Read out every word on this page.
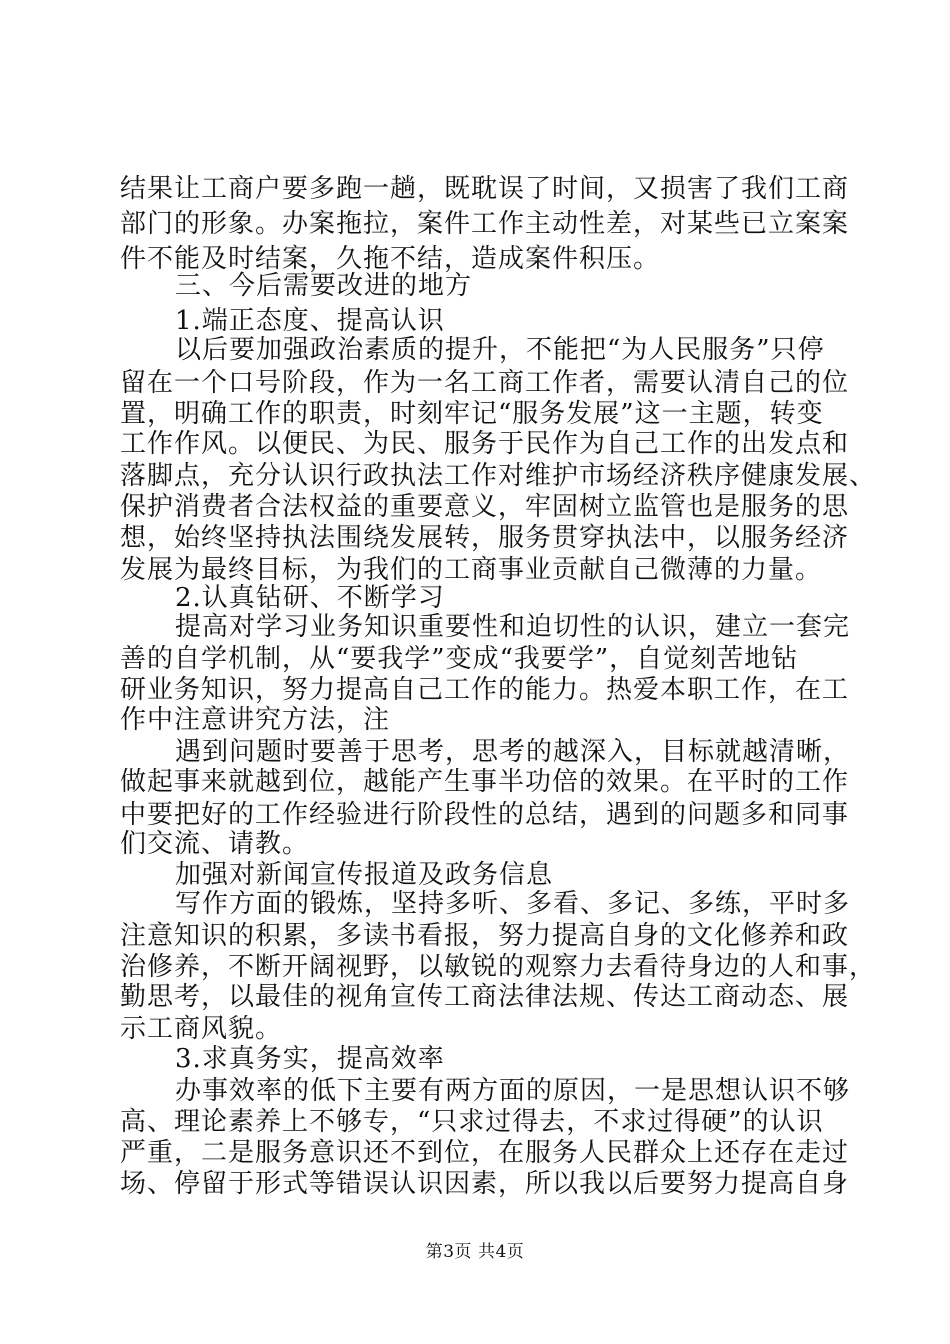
结果让工商户要多跑一趟，既耽误了时间，又损害了我们工商
部门的形象。办案拖拉，案件工作主动性差，对某些已立案案
件不能及时结案，久拖不结，造成案件积压。
三、今后需要改进的地方
1.端正态度、提高认识
以后要加强政治素质的提升，不能把“为人民服务”只停
留在一个口号阶段，作为一名工商工作者，需要认清自己的位
置，明确工作的职责，时刻牢记“服务发展”这一主题，转变
工作作风。以便民、为民、服务于民作为自己工作的出发点和
落脚点，充分认识行政执法工作对维护市场经济秩序健康发展、
保护消费者合法权益的重要意义，牢固树立监管也是服务的思
想，始终坚持执法围绕发展转，服务贯穿执法中，以服务经济
发展为最终目标，为我们的工商事业贡献自己微薄的力量。
2.认真钻研、不断学习
提高对学习业务知识重要性和迫切性的认识，建立一套完
善的自学机制，从“要我学”变成“我要学”，自觉刻苦地钻
研业务知识，努力提高自己工作的能力。热爱本职工作，在工
作中注意讲究方法，注
遇到问题时要善于思考，思考的越深入，目标就越清晰，
做起事来就越到位，越能产生事半功倍的效果。在平时的工作
中要把好的工作经验进行阶段性的总结，遇到的问题多和同事
们交流、请教。
加强对新闻宣传报道及政务信息
写作方面的锻炼，坚持多听、多看、多记、多练，平时多
注意知识的积累，多读书看报，努力提高自身的文化修养和政
治修养，不断开阔视野，以敏锐的观察力去看待身边的人和事，
勤思考，以最佳的视角宣传工商法律法规、传达工商动态、展
示工商风貌。
3.求真务实，提高效率
办事效率的低下主要有两方面的原因，一是思想认识不够
高、理论素养上不够专，“只求过得去，不求过得硬”的认识
严重，二是服务意识还不到位，在服务人民群众上还存在走过
场、停留于形式等错误认识因素，所以我以后要努力提高自身
第3页 共4页
